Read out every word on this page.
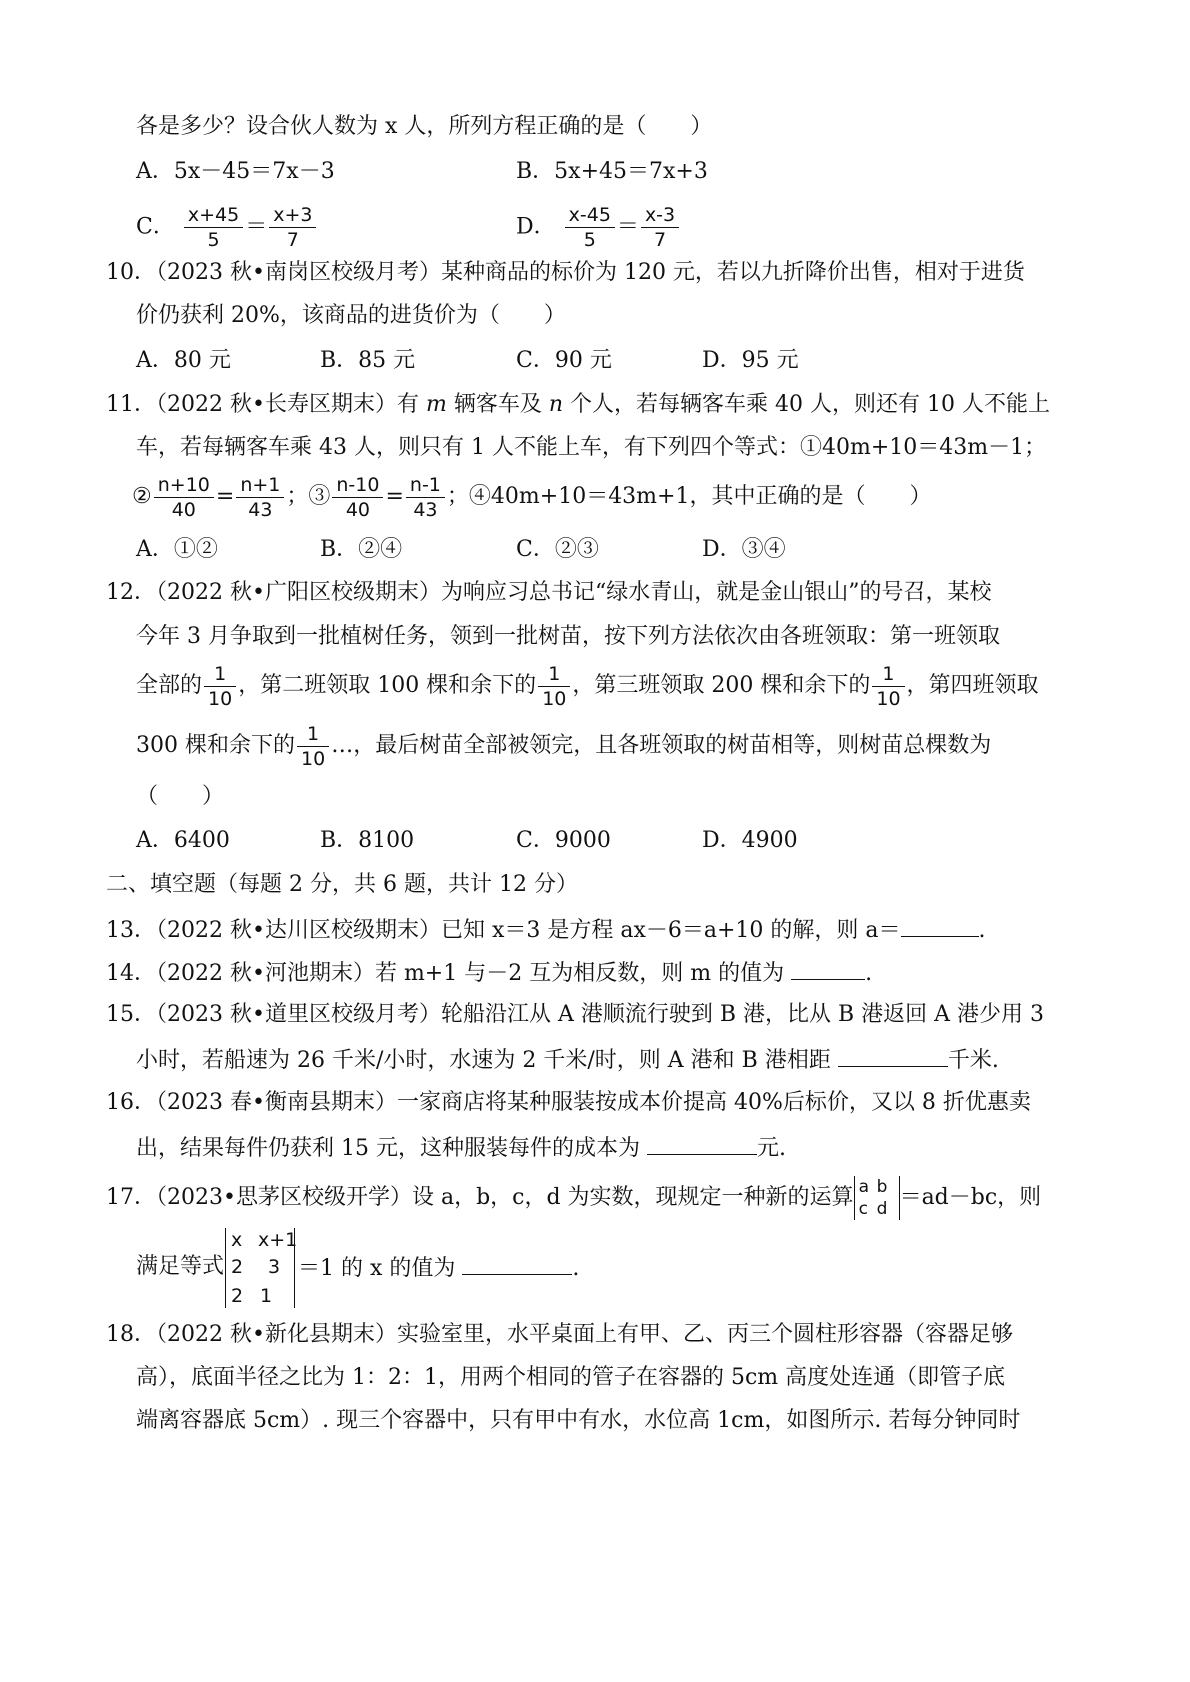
各是多少？设合伙人数为 x 人，所列方程正确的是（　　）
A．5x－45＝7x－3	B．5x+45＝7x+3
C． $\frac{x+45}{5} = \frac{x+3}{7}$	D． $\frac{x-45}{5} = \frac{x-3}{7}$
10．（2023 秋•南岗区校级月考）某种商品的标价为 120 元，若以九折降价出售，相对于进货
价仍获利 20%，该商品的进货价为（　　）
A．80 元	B．85 元	C．90 元	D．95 元
11．（2022 秋•长寿区期末）有 m 辆客车及 n 个人，若每辆客车乘 40 人，则还有 10 人不能上
车，若每辆客车乘 43 人，则只有 1 人不能上车，有下列四个等式：①40m+10＝43m－1；
② $\frac{n+10}{40} = \frac{n+1}{43}$ ；③ $\frac{n-10}{40} = \frac{n-1}{43}$ ；④40m+10＝43m+1，其中正确的是（　　）
A．①②	B．②④	C．②③	D．③④
12．（2022 秋•广阳区校级期末）为响应习总书记“绿水青山，就是金山银山”的号召，某校
今年 3 月争取到一批植树任务，领到一批树苗，按下列方法依次由各班领取：第一班领取
全部的 $\frac{1}{10}$ ，第二班领取 100 棵和余下的 $\frac{1}{10}$ ，第三班领取 200 棵和余下的 $\frac{1}{10}$ ，第四班领取
300 棵和余下的 $\frac{1}{10}$ …，最后树苗全部被领完，且各班领取的树苗相等，则树苗总棵数为
（　　）
A．6400	B．8100	C．9000	D．4900
二、填空题（每题 2 分，共 6 题，共计 12 分）
13．（2022 秋•达川区校级期末）已知 x＝3 是方程 ax－6＝a+10 的解，则 a＝	.
14．（2022 秋•河池期末）若 m+1 与－2 互为相反数，则 m 的值为	.
15．（2023 秋•道里区校级月考）轮船沿江从 A 港顺流行驶到 B 港，比从 B 港返回 A 港少用 3
小时，若船速为 26 千米/小时，水速为 2 千米/时，则 A 港和 B 港相距	千米.
16．（2023 春•衡南县期末）一家商店将某种服装按成本价提高 40%后标价，又以 8 折优惠卖
出，结果每件仍获利 15 元，这种服装每件的成本为	元.
17．（2023•思茅区校级开学）设 a，b，c，d 为实数，现规定一种新的运算 a b
c d ＝ad－bc，则
满足等式
x x+1
2 3
2 1
＝1 的 x 的值为	.
18．（2022 秋•新化县期末）实验室里，水平桌面上有甲、乙、丙三个圆柱形容器（容器足够
高），底面半径之比为 1：2：1，用两个相同的管子在容器的 5cm 高度处连通（即管子底
端离容器底 5cm）. 现三个容器中，只有甲中有水，水位高 1cm，如图所示. 若每分钟同时
